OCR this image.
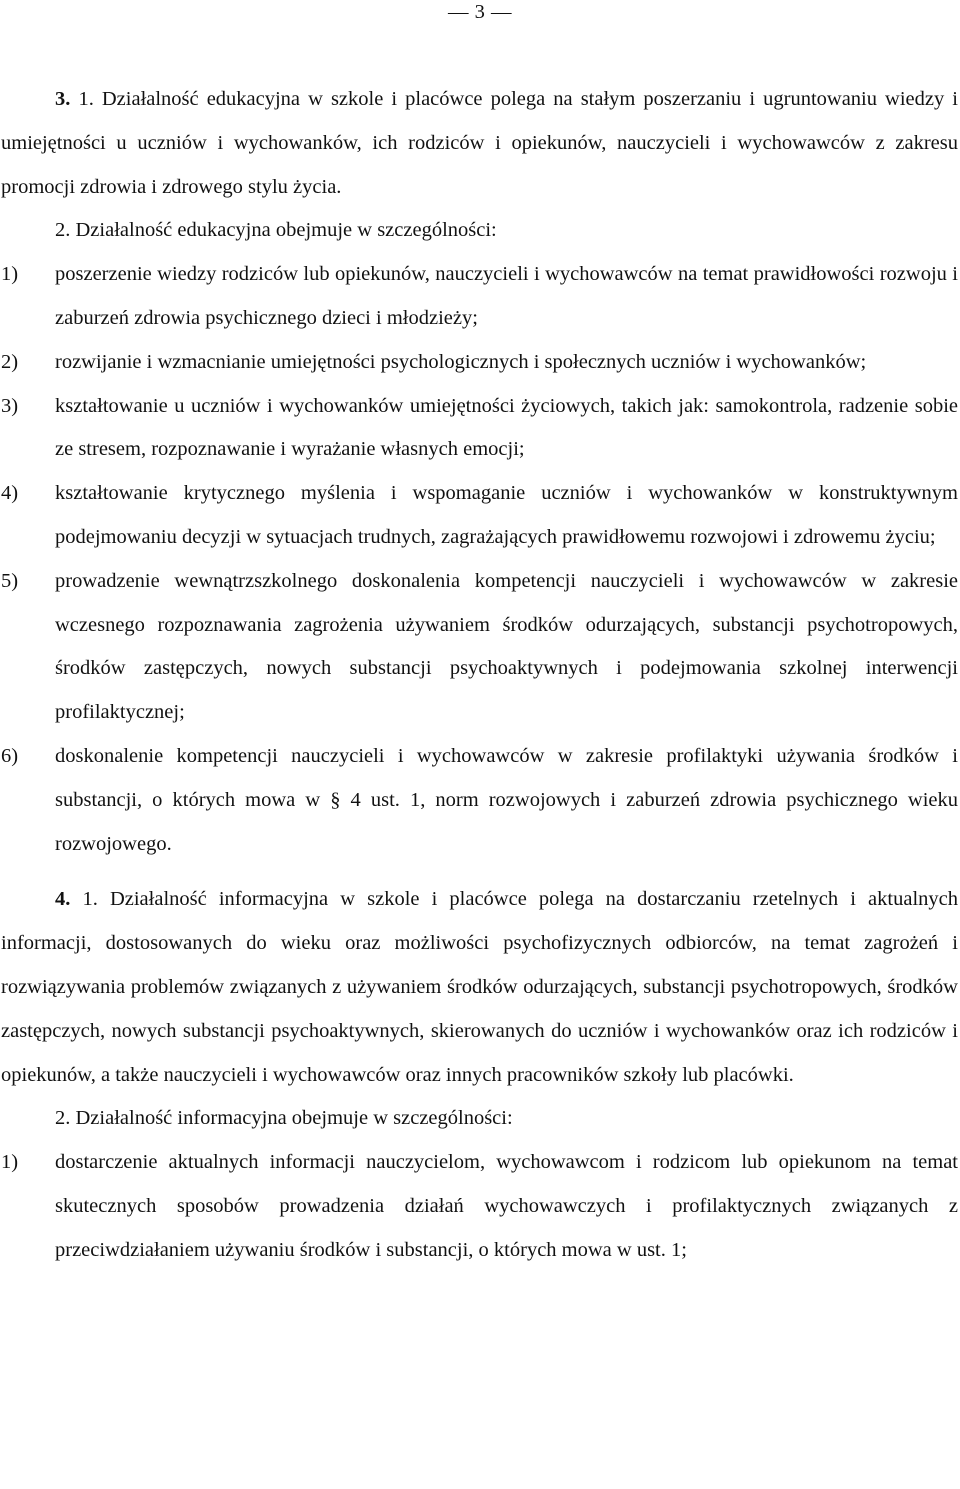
— 3 —

3. 1. Działalność edukacyjna w szkole i placówce polega na stałym poszerzaniu i ugruntowaniu wiedzy i umiejętności u uczniów i wychowanków, ich rodziców i opiekunów, nauczycieli i wychowawców z zakresu promocji zdrowia i zdrowego stylu życia.

2. Działalność edukacyjna obejmuje w szczególności:

1)	poszerzenie wiedzy rodziców lub opiekunów, nauczycieli i wychowawców na temat prawidłowości rozwoju i zaburzeń zdrowia psychicznego dzieci i młodzieży;
2)	rozwijanie i wzmacnianie umiejętności psychologicznych i społecznych uczniów i wychowanków;
3)	kształtowanie u uczniów i wychowanków umiejętności życiowych, takich jak: samokontrola, radzenie sobie ze stresem, rozpoznawanie i wyrażanie własnych emocji;
4)	kształtowanie krytycznego myślenia i wspomaganie uczniów i wychowanków w konstruktywnym podejmowaniu decyzji w sytuacjach trudnych, zagrażających prawidłowemu rozwojowi i zdrowemu życiu;
5)	prowadzenie wewnątrzszkolnego doskonalenia kompetencji nauczycieli i wychowawców w zakresie wczesnego rozpoznawania zagrożenia używaniem środków odurzających, substancji psychotropowych, środków zastępczych, nowych substancji psychoaktywnych i podejmowania szkolnej interwencji profilaktycznej;
6)	doskonalenie kompetencji nauczycieli i wychowawców w zakresie profilaktyki używania środków i substancji, o których mowa w § 4 ust. 1, norm rozwojowych i zaburzeń zdrowia psychicznego wieku rozwojowego.

4. 1. Działalność informacyjna w szkole i placówce polega na dostarczaniu rzetelnych i aktualnych informacji, dostosowanych do wieku oraz możliwości psychofizycznych odbiorców, na temat zagrożeń i rozwiązywania problemów związanych z używaniem środków odurzających, substancji psychotropowych, środków zastępczych, nowych substancji psychoaktywnych, skierowanych do uczniów i wychowanków oraz ich rodziców i opiekunów, a także nauczycieli i wychowawców oraz innych pracowników szkoły lub placówki.

2. Działalność informacyjna obejmuje w szczególności:

1)	dostarczenie aktualnych informacji nauczycielom, wychowawcom i rodzicom lub opiekunom na temat skutecznych sposobów prowadzenia działań wychowawczych i profilaktycznych związanych z przeciwdziałaniem używaniu środków i substancji, o których mowa w ust. 1;
